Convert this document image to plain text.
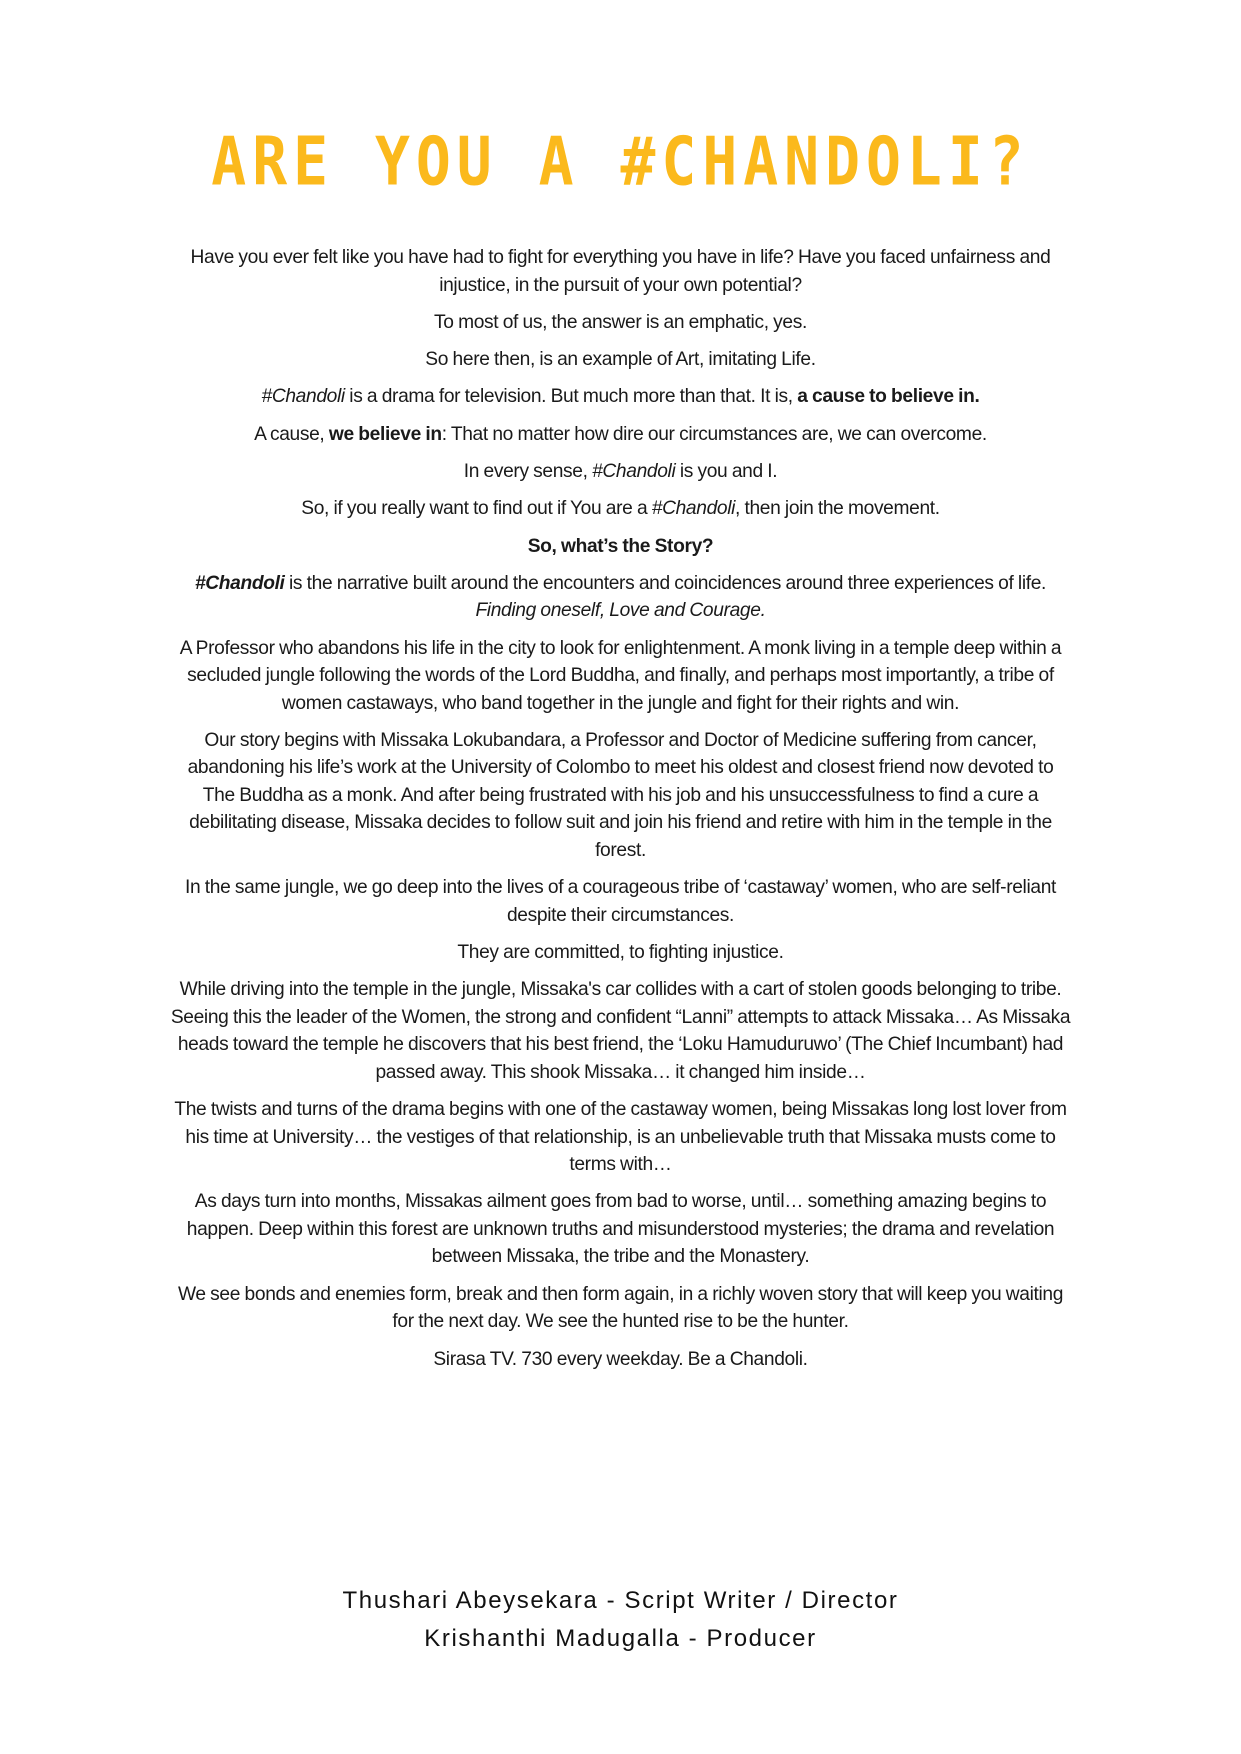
ARE YOU A #CHANDOLI?

Have you ever felt like you have had to fight for everything you have in life? Have you faced unfairness and injustice, in the pursuit of your own potential?

To most of us, the answer is an emphatic, yes.

So here then, is an example of Art, imitating Life.

#Chandoli is a drama for television. But much more than that. It is, a cause to believe in.

A cause, we believe in: That no matter how dire our circumstances are, we can overcome.

In every sense, #Chandoli is you and I.

So, if you really want to find out if You are a #Chandoli, then join the movement.

So, what’s the Story?

#Chandoli is the narrative built around the encounters and coincidences around three experiences of life.

Finding oneself, Love and Courage.

A Professor who abandons his life in the city to look for enlightenment. A monk living in a temple deep within a secluded jungle following the words of the Lord Buddha, and finally, and perhaps most importantly, a tribe of women castaways, who band together in the jungle and fight for their rights and win.

Our story begins with Missaka Lokubandara, a Professor and Doctor of Medicine suffering from cancer, abandoning his life’s work at the University of Colombo to meet his oldest and closest friend now devoted to The Buddha as a monk. And after being frustrated with his job and his unsuccessfulness to find a cure a debilitating disease, Missaka decides to follow suit and join his friend and retire with him in the temple in the forest.

In the same jungle, we go deep into the lives of a courageous tribe of ‘castaway’ women, who are self-reliant despite their circumstances.

They are committed, to fighting injustice.

While driving into the temple in the jungle, Missaka's car collides with a cart of stolen goods belonging to tribe. Seeing this the leader of the Women, the strong and confident “Lanni” attempts to attack Missaka… As Missaka heads toward the temple he discovers that his best friend, the ‘Loku Hamuduruwo’ (The Chief Incumbant) had passed away. This shook Missaka… it changed him inside…

The twists and turns of the drama begins with one of the castaway women, being Missakas long lost lover from his time at University… the vestiges of that relationship, is an unbelievable truth that Missaka musts come to terms with…

As days turn into months, Missakas ailment goes from bad to worse, until… something amazing begins to happen. Deep within this forest are unknown truths and misunderstood mysteries; the drama and revelation between Missaka, the tribe and the Monastery.

We see bonds and enemies form, break and then form again, in a richly woven story that will keep you waiting for the next day. We see the hunted rise to be the hunter.

Sirasa TV. 730 every weekday. Be a Chandoli.

Thushari Abeysekara - Script Writer / Director
Krishanthi Madugalla - Producer
